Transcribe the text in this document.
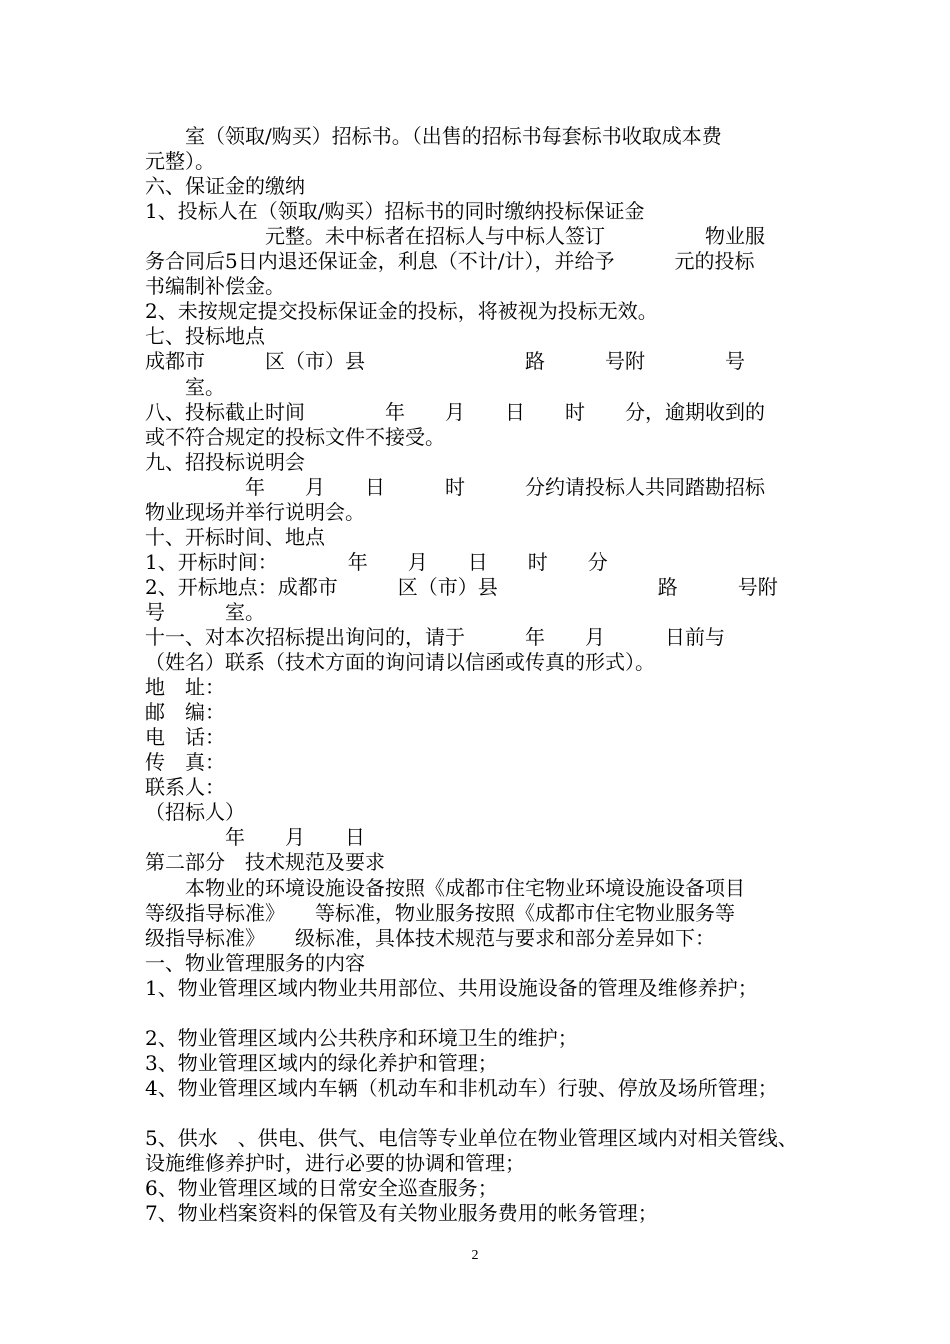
　　室（领取/购买）招标书。（出售的招标书每套标书收取成本费
元整）。
六、保证金的缴纳
1、投标人在（领取/购买）招标书的同时缴纳投标保证金
　　　　　　元整。未中标者在招标人与中标人签订　　　　　物业服
务合同后5日内退还保证金，利息（不计/计），并给予　　　元的投标
书编制补偿金。
2、未按规定提交投标保证金的投标，将被视为投标无效。
七、投标地点
成都市　　　区（市）县　　　　　　　　路　　　号附　　　　号
　　室。
八、投标截止时间　　　　年　　月　　日　　时　　分，逾期收到的
或不符合规定的投标文件不接受。
九、招投标说明会
　　　　　年　　月　　日　　　时　　　分约请投标人共同踏勘招标
物业现场并举行说明会。
十、开标时间、地点
1、开标时间：　　　　年　　月　　日　　时　　分
2、开标地点：成都市　　　区（市）县　　　　　　　　路　　　号附
号　　　室。
十一、对本次招标提出询问的，请于　　　年　　月　　　日前与
（姓名）联系（技术方面的询问请以信函或传真的形式）。
地　址：
邮　编：
电　话：
传　真：
联系人：
（招标人）
　　　　年　　月　　日
第二部分　技术规范及要求
　　本物业的环境设施设备按照《成都市住宅物业环境设施设备项目
等级指导标准》　　等标准，物业服务按照《成都市住宅物业服务等
级指导标准》　　级标准，具体技术规范与要求和部分差异如下：
一、物业管理服务的内容
1、物业管理区域内物业共用部位、共用设施设备的管理及维修养护；
2、物业管理区域内公共秩序和环境卫生的维护；
3、物业管理区域内的绿化养护和管理；
4、物业管理区域内车辆（机动车和非机动车）行驶、停放及场所管理；
5、供水　、供电、供气、电信等专业单位在物业管理区域内对相关管线、
设施维修养护时，进行必要的协调和管理；
6、物业管理区域的日常安全巡查服务；
7、物业档案资料的保管及有关物业服务费用的帐务管理；
2
